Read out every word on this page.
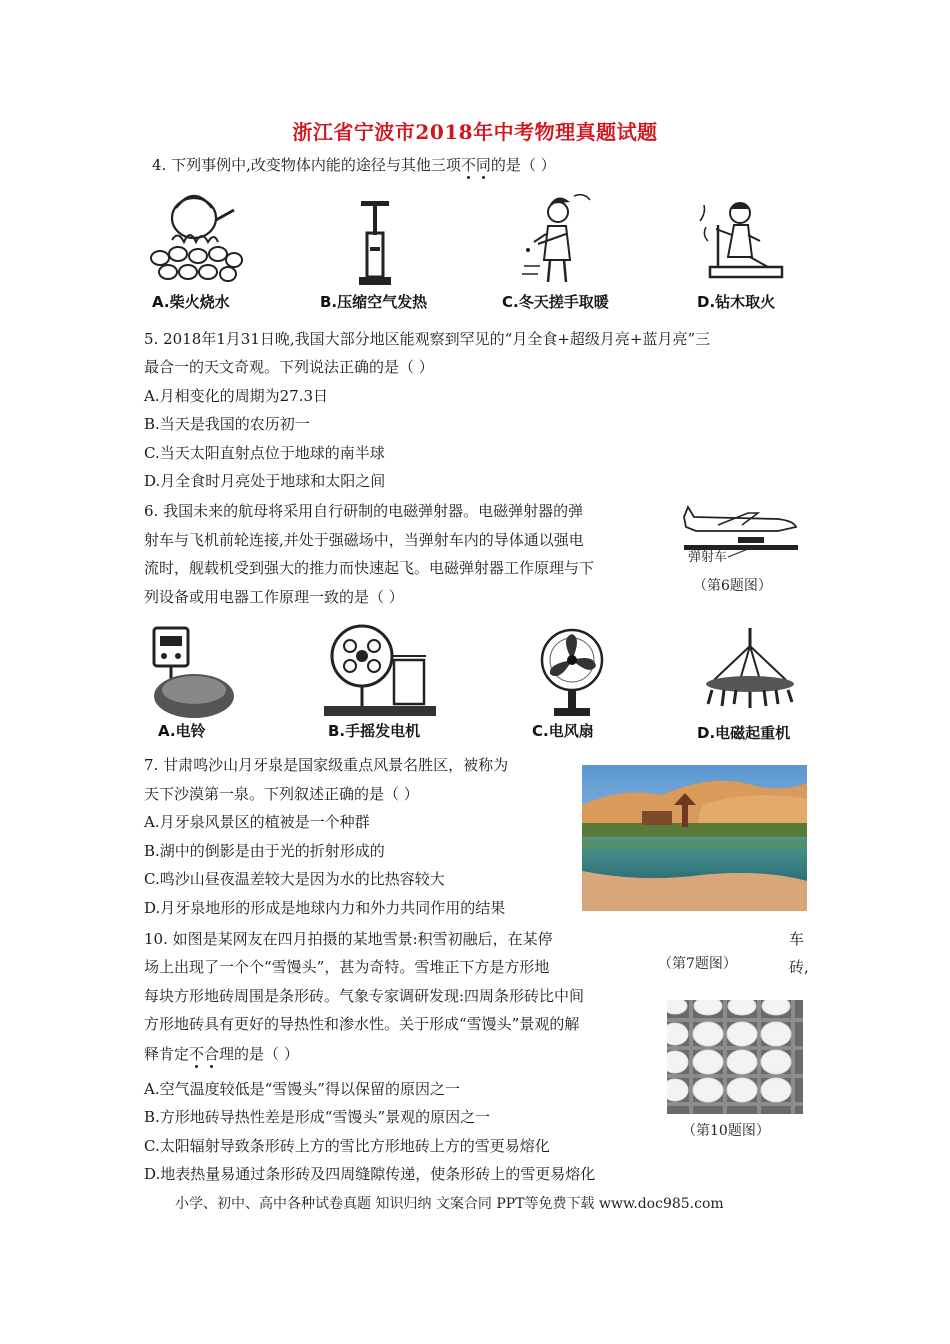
浙江省宁波市2018年中考物理真题试题
4. 下列事例中,改变物体内能的途径与其他三项不同的是（ ）
A.柴火烧水	B.压缩空气发热	C.冬天搓手取暖	D.钻木取火
5. 2018年1月31日晚,我国大部分地区能观察到罕见的“月全食+超级月亮+蓝月亮”三
最合一的天文奇观。下列说法正确的是（ ）
A.月相变化的周期为27.3日
B.当天是我国的农历初一
C.当天太阳直射点位于地球的南半球
D.月全食时月亮处于地球和太阳之间
6. 我国未来的航母将采用自行研制的电磁弹射器。电磁弹射器的弹
射车与飞机前轮连接,并处于强磁场中，当弹射车内的导体通以强电
流时，舰载机受到强大的推力而快速起飞。电磁弹射器工作原理与下
列设备或用电器工作原理一致的是（ ）
弹射车
（第6题图）
A.电铃	B.手摇发电机	C.电风扇	D.电磁起重机
7. 甘肃鸣沙山月牙泉是国家级重点风景名胜区，被称为
天下沙漠第一泉。下列叙述正确的是（ ）
A.月牙泉风景区的植被是一个种群
B.湖中的倒影是由于光的折射形成的
C.鸣沙山昼夜温差较大是因为水的比热容较大
D.月牙泉地形的形成是地球内力和外力共同作用的结果
（第7题图）
10. 如图是某网友在四月拍摄的某地雪景:积雪初融后，在某停	车
场上出现了一个个“雪馒头”，甚为奇特。雪堆正下方是方形地	砖,
每块方形地砖周围是条形砖。气象专家调研发现:四周条形砖比中间
方形地砖具有更好的导热性和渗水性。关于形成“雪馒头”景观的解
释肯定不合理的是（ ）
A.空气温度较低是“雪馒头”得以保留的原因之一
B.方形地砖导热性差是形成“雪馒头”景观的原因之一
C.太阳辐射导致条形砖上方的雪比方形地砖上方的雪更易熔化
D.地表热量易通过条形砖及四周缝隙传递，使条形砖上的雪更易熔化
（第10题图）
小学、初中、高中各种试卷真题 知识归纳 文案合同 PPT等免费下载 www.doc985.com
